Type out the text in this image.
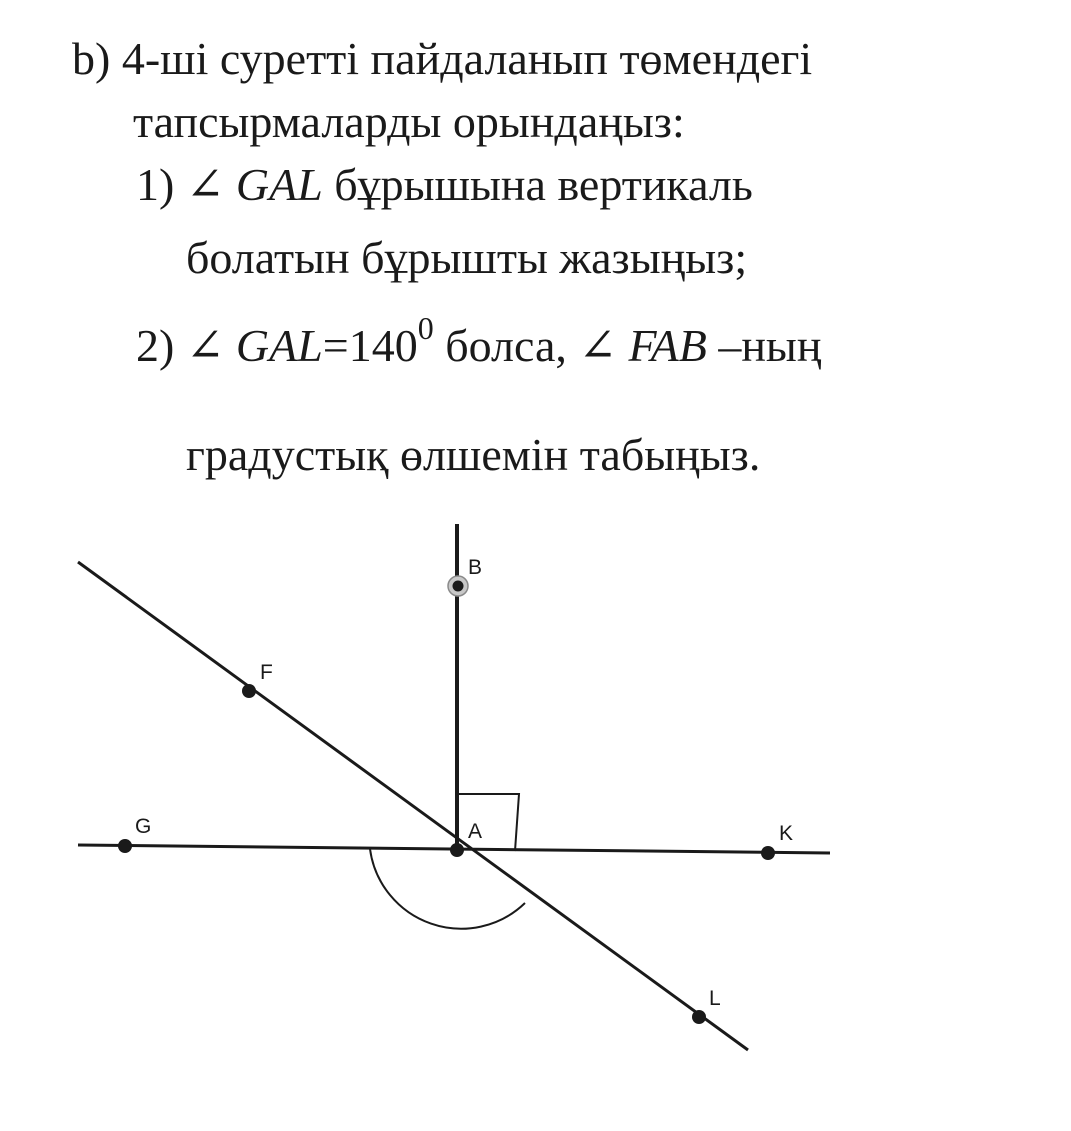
b) 4-ші суретті пайдаланып төмендегі
тапсырмаларды орындаңыз:
1) ∠ GAL бұрышына вертикаль
болатын бұрышты жазыңыз;
2) ∠ $GAL=140^0$ болса, ∠ FAB –ның
градустық өлшемін табыңыз.
B
F
G	A	K
L
